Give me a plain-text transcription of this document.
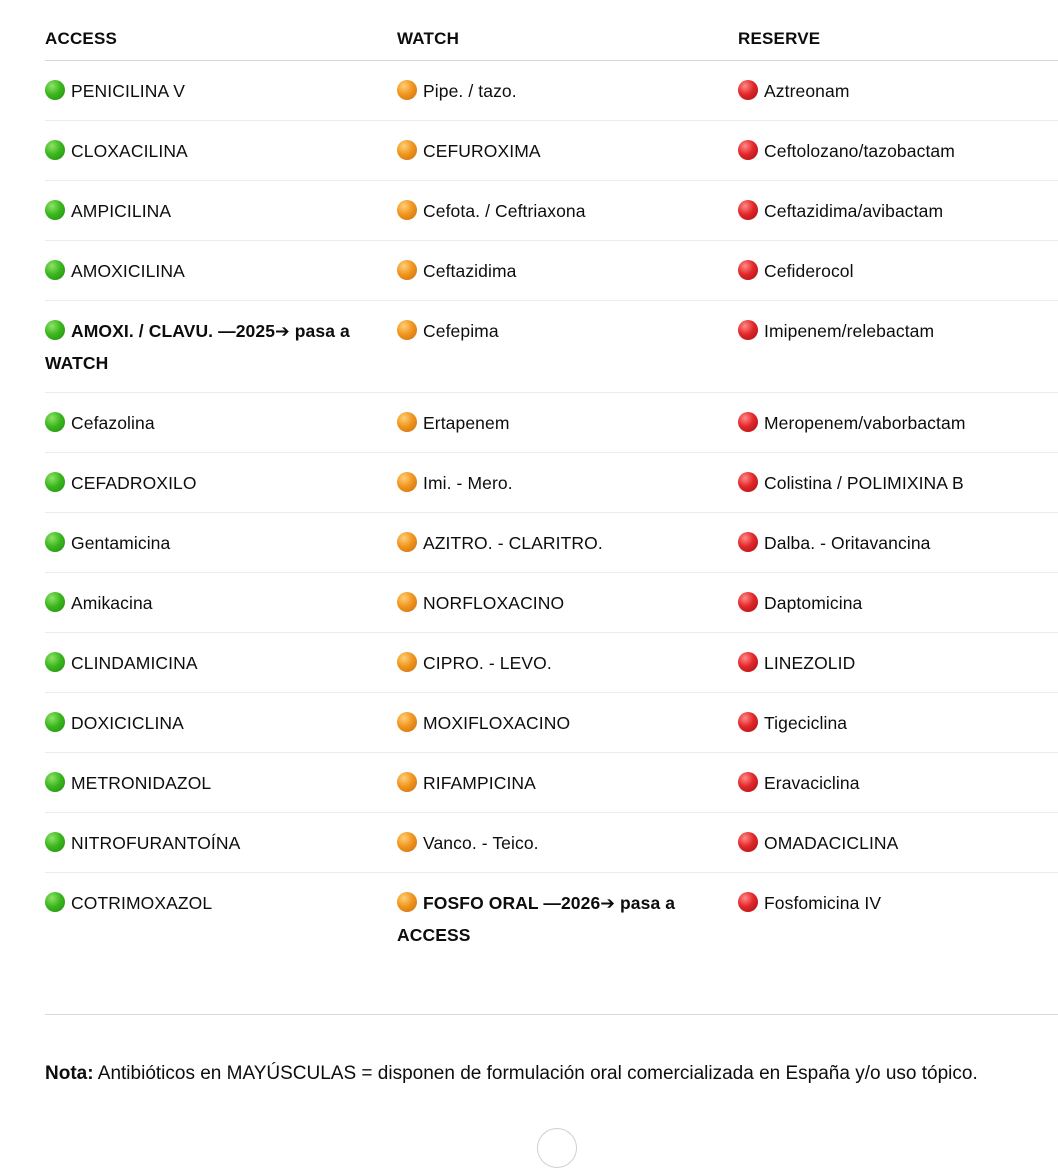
ACCESS	WATCH	RESERVE
PENICILINA V	Pipe. / tazo.	Aztreonam
CLOXACILINA	CEFUROXIMA	Ceftolozano/tazobactam
AMPICILINA	Cefota. / Ceftriaxona	Ceftazidima/avibactam
AMOXICILINA	Ceftazidima	Cefiderocol
AMOXI. / CLAVU. —2025➔ pasa a WATCH	Cefepima	Imipenem/relebactam
Cefazolina	Ertapenem	Meropenem/vaborbactam
CEFADROXILO	Imi. - Mero.	Colistina / POLIMIXINA B
Gentamicina	AZITRO. - CLARITRO.	Dalba. - Oritavancina
Amikacina	NORFLOXACINO	Daptomicina
CLINDAMICINA	CIPRO. - LEVO.	LINEZOLID
DOXICICLINA	MOXIFLOXACINO	Tigeciclina
METRONIDAZOL	RIFAMPICINA	Eravaciclina
NITROFURANTOÍNA	Vanco. - Teico.	OMADACICLINA
COTRIMOXAZOL	FOSFO ORAL —2026➔ pasa a ACCESS	Fosfomicina IV
Nota: Antibióticos en MAYÚSCULAS = disponen de formulación oral comercializada en España y/o uso tópico.
